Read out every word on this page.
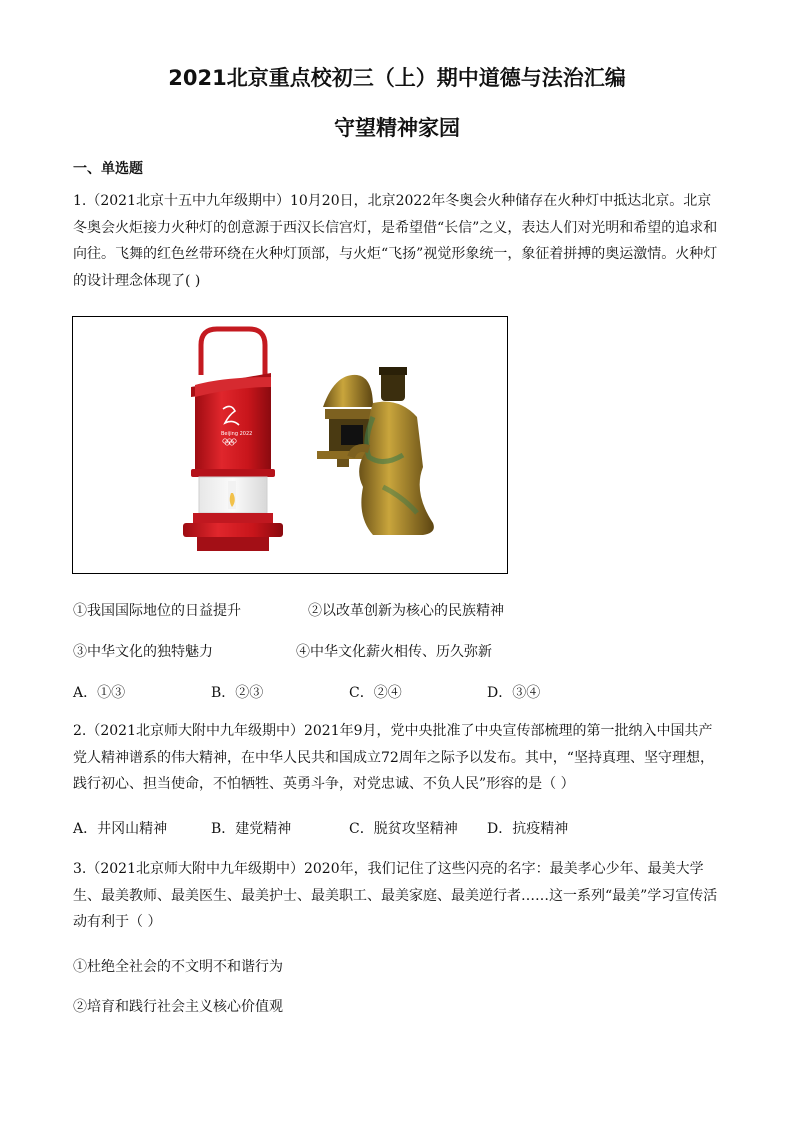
2021北京重点校初三（上）期中道德与法治汇编
守望精神家园
一、单选题
1.（2021北京十五中九年级期中）10月20日，北京2022年冬奥会火种储存在火种灯中抵达北京。北京冬奥会火炬接力火种灯的创意源于西汉长信宫灯，是希望借“长信”之义，表达人们对光明和希望的追求和向往。飞舞的红色丝带环绕在火种灯顶部，与火炬“飞扬”视觉形象统一，象征着拼搏的奥运激情。火种灯的设计理念体现了( )
Beijing 2022
①我国国际地位的日益提升	②以改革创新为核心的民族精神
③中华文化的独特魅力	④中华文化薪火相传、历久弥新
A．①③	B．②③	C．②④	D．③④
2.（2021北京师大附中九年级期中）2021年9月，党中央批准了中央宣传部梳理的第一批纳入中国共产党人精神谱系的伟大精神，在中华人民共和国成立72周年之际予以发布。其中，“坚持真理、坚守理想，践行初心、担当使命，不怕牺牲、英勇斗争，对党忠诚、不负人民”形容的是（ ）
A．井冈山精神	B．建党精神	C．脱贫攻坚精神 D．抗疫精神
3.（2021北京师大附中九年级期中）2020年，我们记住了这些闪亮的名字：最美孝心少年、最美大学生、最美教师、最美医生、最美护士、最美职工、最美家庭、最美逆行者……这一系列“最美”学习宣传活动有利于（ ）
①杜绝全社会的不文明不和谐行为
②培育和践行社会主义核心价值观
